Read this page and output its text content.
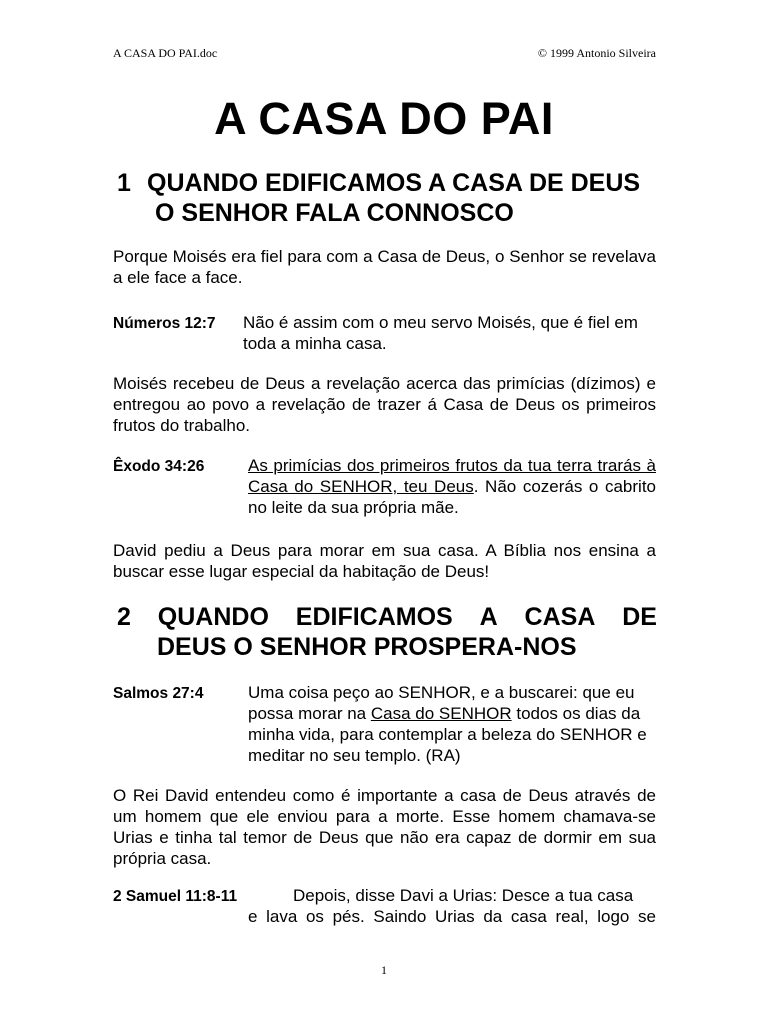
A CASA DO PAI.doc	© 1999 Antonio Silveira
A CASA DO PAI
1 QUANDO EDIFICAMOS A CASA DE DEUS
O SENHOR FALA CONNOSCO

Porque Moisés era fiel para com a Casa de Deus, o Senhor se revelava a ele face a face.

Números 12:7 Não é assim com o meu servo Moisés, que é fiel em toda a minha casa.

Moisés recebeu de Deus a revelação acerca das primícias (dízimos) e entregou ao povo a revelação de trazer á Casa de Deus os primeiros frutos do trabalho.

Êxodo 34:26	As primícias dos primeiros frutos da tua terra trarás à Casa do SENHOR, teu Deus. Não cozerás o cabrito no leite da sua própria mãe.

David pediu a Deus para morar em sua casa. A Bíblia nos ensina a buscar esse lugar especial da habitação de Deus!

2 QUANDO EDIFICAMOS A CASA DE
DEUS O SENHOR PROSPERA-NOS
Salmos 27:4	Uma coisa peço ao SENHOR, e a buscarei: que eu possa morar na Casa do SENHOR todos os dias da minha vida, para contemplar a beleza do SENHOR e meditar no seu templo. (RA)

O Rei David entendeu como é importante a casa de Deus através de um homem que ele enviou para a morte. Esse homem chamava-se Urias e tinha tal temor de Deus que não era capaz de dormir em sua própria casa.

2 Samuel 11:8-11	Depois, disse Davi a Urias: Desce a tua casa
e lava os pés. Saindo Urias da casa real, logo se
1
